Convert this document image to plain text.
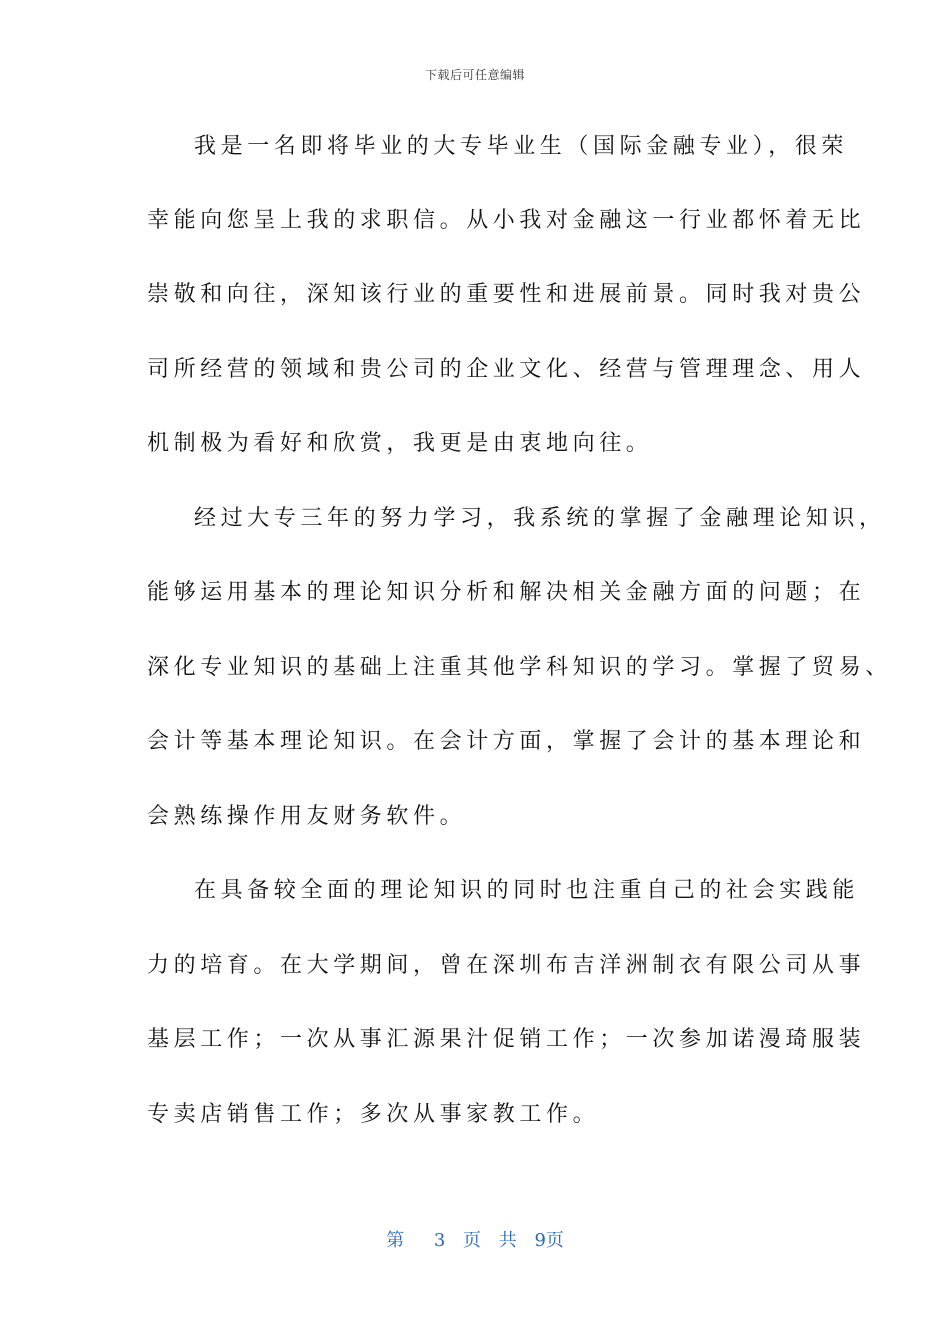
下载后可任意编辑
我是一名即将毕业的大专毕业生（国际金融专业），很荣
幸能向您呈上我的求职信。从小我对金融这一行业都怀着无比
崇敬和向往，深知该行业的重要性和进展前景。同时我对贵公
司所经营的领域和贵公司的企业文化、经营与管理理念、用人
机制极为看好和欣赏，我更是由衷地向往。
经过大专三年的努力学习，我系统的掌握了金融理论知识，
能够运用基本的理论知识分析和解决相关金融方面的问题；在
深化专业知识的基础上注重其他学科知识的学习。掌握了贸易、
会计等基本理论知识。在会计方面，掌握了会计的基本理论和
会熟练操作用友财务软件。
在具备较全面的理论知识的同时也注重自己的社会实践能
力的培育。在大学期间，曾在深圳布吉洋洲制衣有限公司从事
基层工作；一次从事汇源果汁促销工作；一次参加诺漫琦服装
专卖店销售工作；多次从事家教工作。
第 3 页 共 9页
